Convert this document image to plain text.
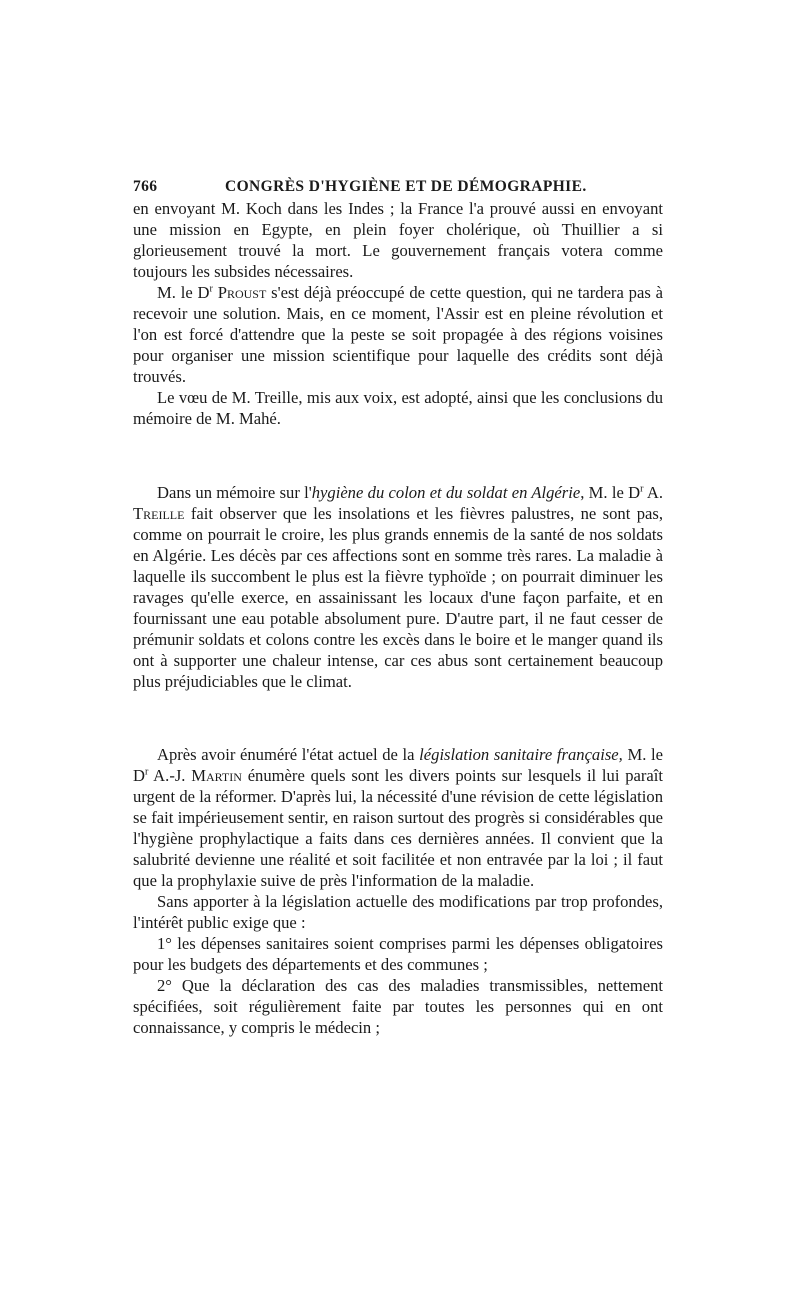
766	CONGRÈS D'HYGIÈNE ET DE DÉMOGRAPHIE.

en envoyant M. Koch dans les Indes ; la France l'a prouvé aussi en envoyant une mission en Egypte, en plein foyer cholérique, où Thuillier a si glorieusement trouvé la mort. Le gouvernement français votera comme toujours les subsides nécessaires.

M. le $D^r$ Proust s'est déjà préoccupé de cette question, qui ne tardera pas à recevoir une solution. Mais, en ce moment, l'Assir est en pleine révolution et l'on est forcé d'attendre que la peste se soit propagée à des régions voisines pour organiser une mission scientifique pour laquelle des crédits sont déjà trouvés.

Le vœu de M. Treille, mis aux voix, est adopté, ainsi que les conclusions du mémoire de M. Mahé.

Dans un mémoire sur l'hygiène du colon et du soldat en Algérie, M. le $D^r$ A. Treille fait observer que les insolations et les fièvres palustres, ne sont pas, comme on pourrait le croire, les plus grands ennemis de la santé de nos soldats en Algérie. Les décès par ces affections sont en somme très rares. La maladie à laquelle ils succombent le plus est la fièvre typhoïde ; on pourrait diminuer les ravages qu'elle exerce, en assainissant les locaux d'une façon parfaite, et en fournissant une eau potable absolument pure. D'autre part, il ne faut cesser de prémunir soldats et colons contre les excès dans le boire et le manger quand ils ont à supporter une chaleur intense, car ces abus sont certainement beaucoup plus préjudiciables que le climat.

Après avoir énuméré l'état actuel de la législation sanitaire française, M. le $D^r$ A.-J. Martin énumère quels sont les divers points sur lesquels il lui paraît urgent de la réformer. D'après lui, la nécessité d'une révision de cette législation se fait impérieusement sentir, en raison surtout des progrès si considérables que l'hygiène prophylactique a faits dans ces dernières années. Il convient que la salubrité devienne une réalité et soit facilitée et non entravée par la loi ; il faut que la prophylaxie suive de près l'information de la maladie.

Sans apporter à la législation actuelle des modifications par trop profondes, l'intérêt public exige que :

1° les dépenses sanitaires soient comprises parmi les dépenses obligatoires pour les budgets des départements et des communes ;

2° Que la déclaration des cas des maladies transmissibles, nettement spécifiées, soit régulièrement faite par toutes les personnes qui en ont connaissance, y compris le médecin ;
